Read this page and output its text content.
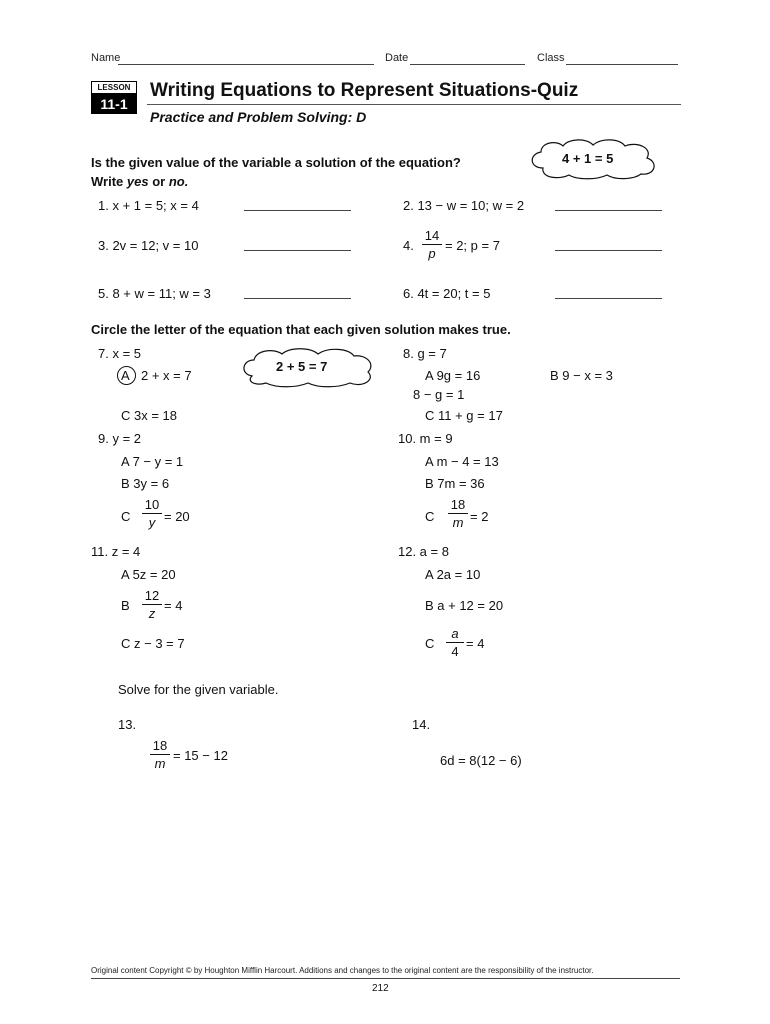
Name	Date	Class
LESSON
11-1
Writing Equations to Represent Situations-Quiz
Practice and Problem Solving: D
4 + 1 = 5
Is the given value of the variable a solution of the equation?
Write yes or no.
1. x + 1 = 5; x = 4	2. 13 − w = 10; w = 2
3. 2v = 12; v = 10	4.
14
p
= 2; p = 7
5. 8 + w = 11; w = 3	6. 4t = 20; t = 5
Circle the letter of the equation that each given solution makes true.
7. x = 5
A 2 + x = 7
C 3x = 18
2 + 5 = 7
8. g = 7
A 9g = 16	B 9 − x = 3
8 − g = 1
C 11 + g = 17
9. y = 2
A 7 − y = 1
B 3y = 6
C
10
y = 20
10. m = 9
A m − 4 = 13
B 7m = 36
C
18
m = 2
11. z = 4
A 5z = 20
B
12
z
= 4
C z − 3 = 7
12. a = 8
A 2a = 10
B a + 12 = 20
C
a
4
= 4
Solve for the given variable.
13.
18
m
= 15 − 12
14.
6d = 8(12 − 6)
Original content Copyright © by Houghton Mifflin Harcourt. Additions and changes to the original content are the responsibility of the instructor.
212
